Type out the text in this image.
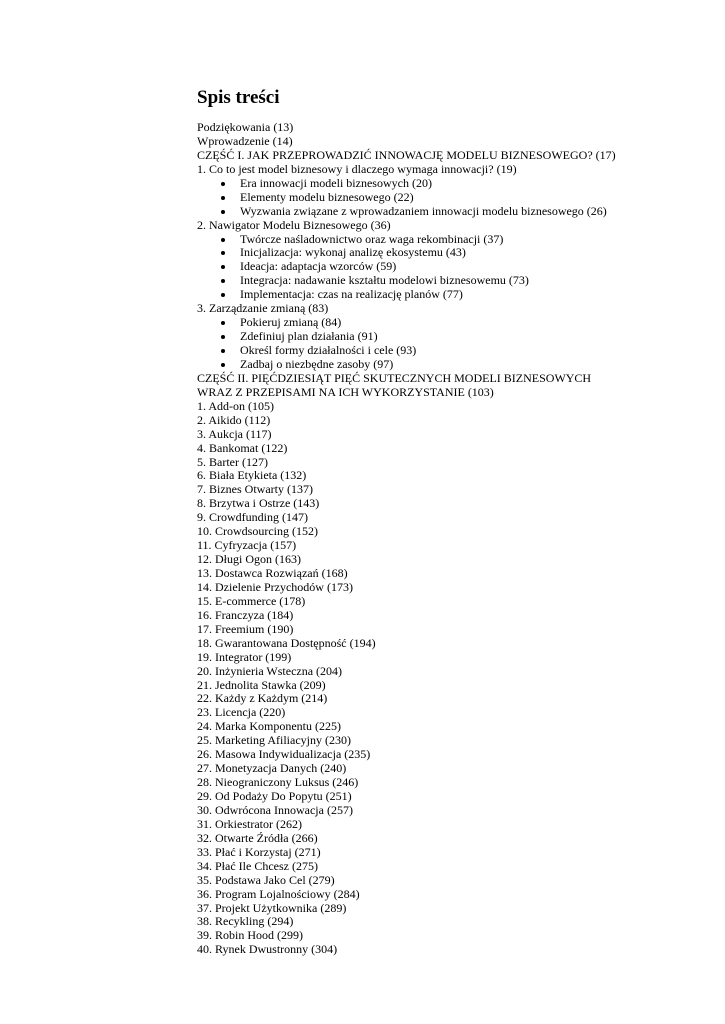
Spis treści
Podziękowania (13)
Wprowadzenie (14)
CZĘŚĆ I. JAK PRZEPROWADZIĆ INNOWACJĘ MODELU BIZNESOWEGO? (17)
1. Co to jest model biznesowy i dlaczego wymaga innowacji? (19)
Era innowacji modeli biznesowych (20)
Elementy modelu biznesowego (22)
Wyzwania związane z wprowadzaniem innowacji modelu biznesowego (26)
2. Nawigator Modelu Biznesowego (36)
Twórcze naśladownictwo oraz waga rekombinacji (37)
Inicjalizacja: wykonaj analizę ekosystemu (43)
Ideacja: adaptacja wzorców (59)
Integracja: nadawanie kształtu modelowi biznesowemu (73)
Implementacja: czas na realizację planów (77)
3. Zarządzanie zmianą (83)
Pokieruj zmianą (84)
Zdefiniuj plan działania (91)
Określ formy działalności i cele (93)
Zadbaj o niezbędne zasoby (97)
CZĘŚĆ II. PIĘĆDZIESIĄT PIĘĆ SKUTECZNYCH MODELI BIZNESOWYCH
WRAZ Z PRZEPISAMI NA ICH WYKORZYSTANIE (103)
1. Add-on (105)
2. Aikido (112)
3. Aukcja (117)
4. Bankomat (122)
5. Barter (127)
6. Biała Etykieta (132)
7. Biznes Otwarty (137)
8. Brzytwa i Ostrze (143)
9. Crowdfunding (147)
10. Crowdsourcing (152)
11. Cyfryzacja (157)
12. Długi Ogon (163)
13. Dostawca Rozwiązań (168)
14. Dzielenie Przychodów (173)
15. E-commerce (178)
16. Franczyza (184)
17. Freemium (190)
18. Gwarantowana Dostępność (194)
19. Integrator (199)
20. Inżynieria Wsteczna (204)
21. Jednolita Stawka (209)
22. Każdy z Każdym (214)
23. Licencja (220)
24. Marka Komponentu (225)
25. Marketing Afiliacyjny (230)
26. Masowa Indywidualizacja (235)
27. Monetyzacja Danych (240)
28. Nieograniczony Luksus (246)
29. Od Podaży Do Popytu (251)
30. Odwrócona Innowacja (257)
31. Orkiestrator (262)
32. Otwarte Źródła (266)
33. Płać i Korzystaj (271)
34. Płać Ile Chcesz (275)
35. Podstawa Jako Cel (279)
36. Program Lojalnościowy (284)
37. Projekt Użytkownika (289)
38. Recykling (294)
39. Robin Hood (299)
40. Rynek Dwustronny (304)
